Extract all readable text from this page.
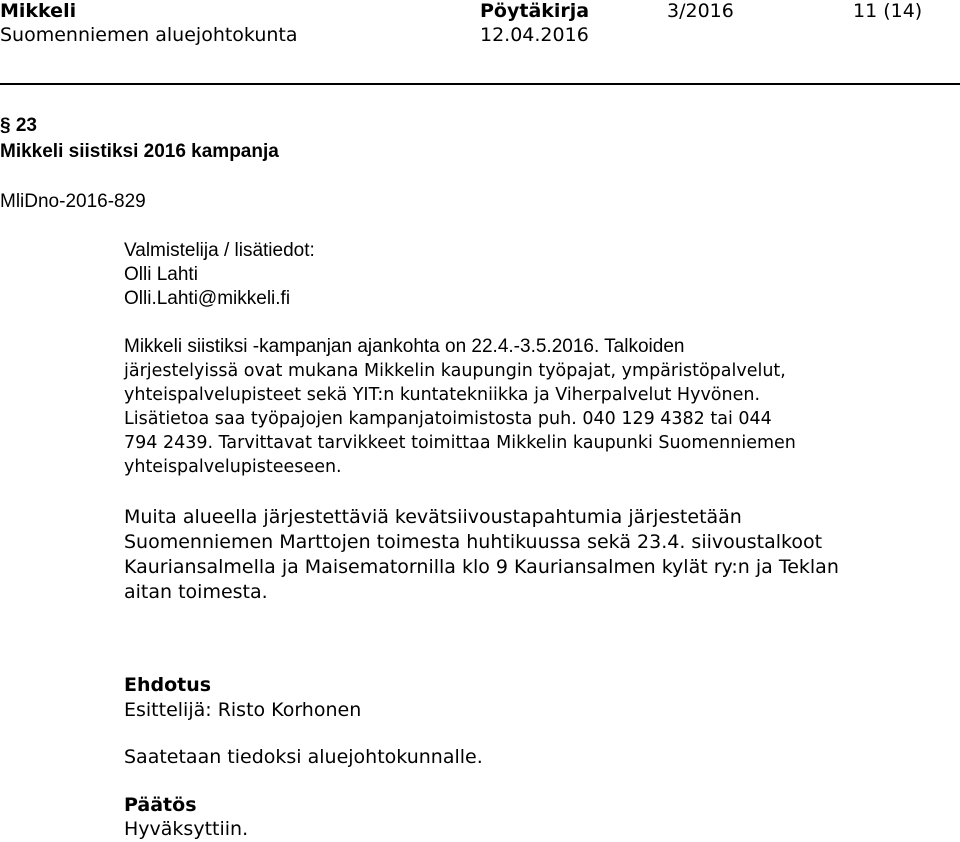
Mikkeli
Suomenniemen aluejohtokunta
Pöytäkirja
12.04.2016
3/2016	11 (14)
§ 23
Mikkeli siistiksi 2016 kampanja
MliDno-2016-829
Valmistelija / lisätiedot:
Olli Lahti
Olli.Lahti@mikkeli.fi
Mikkeli siistiksi -kampanjan ajankohta on 22.4.-3.5.2016. Talkoiden
järjestelyissä ovat mukana Mikkelin kaupungin työpajat, ympäristöpalvelut,
yhteispalvelupisteet sekä YIT:n kuntatekniikka ja Viherpalvelut Hyvönen.
Lisätietoa saa työpajojen kampanjatoimistosta puh. 040 129 4382 tai 044
794 2439. Tarvittavat tarvikkeet toimittaa Mikkelin kaupunki Suomenniemen
yhteispalvelupisteeseen.
Muita alueella järjestettäviä kevätsiivoustapahtumia järjestetään
Suomenniemen Marttojen toimesta huhtikuussa sekä 23.4. siivoustalkoot
Kauriansalmella ja Maisematornilla klo 9 Kauriansalmen kylät ry:n ja Teklan
aitan toimesta.
Ehdotus
Esittelijä: Risto Korhonen
Saatetaan tiedoksi aluejohtokunnalle.
Päätös
Hyväksyttiin.
